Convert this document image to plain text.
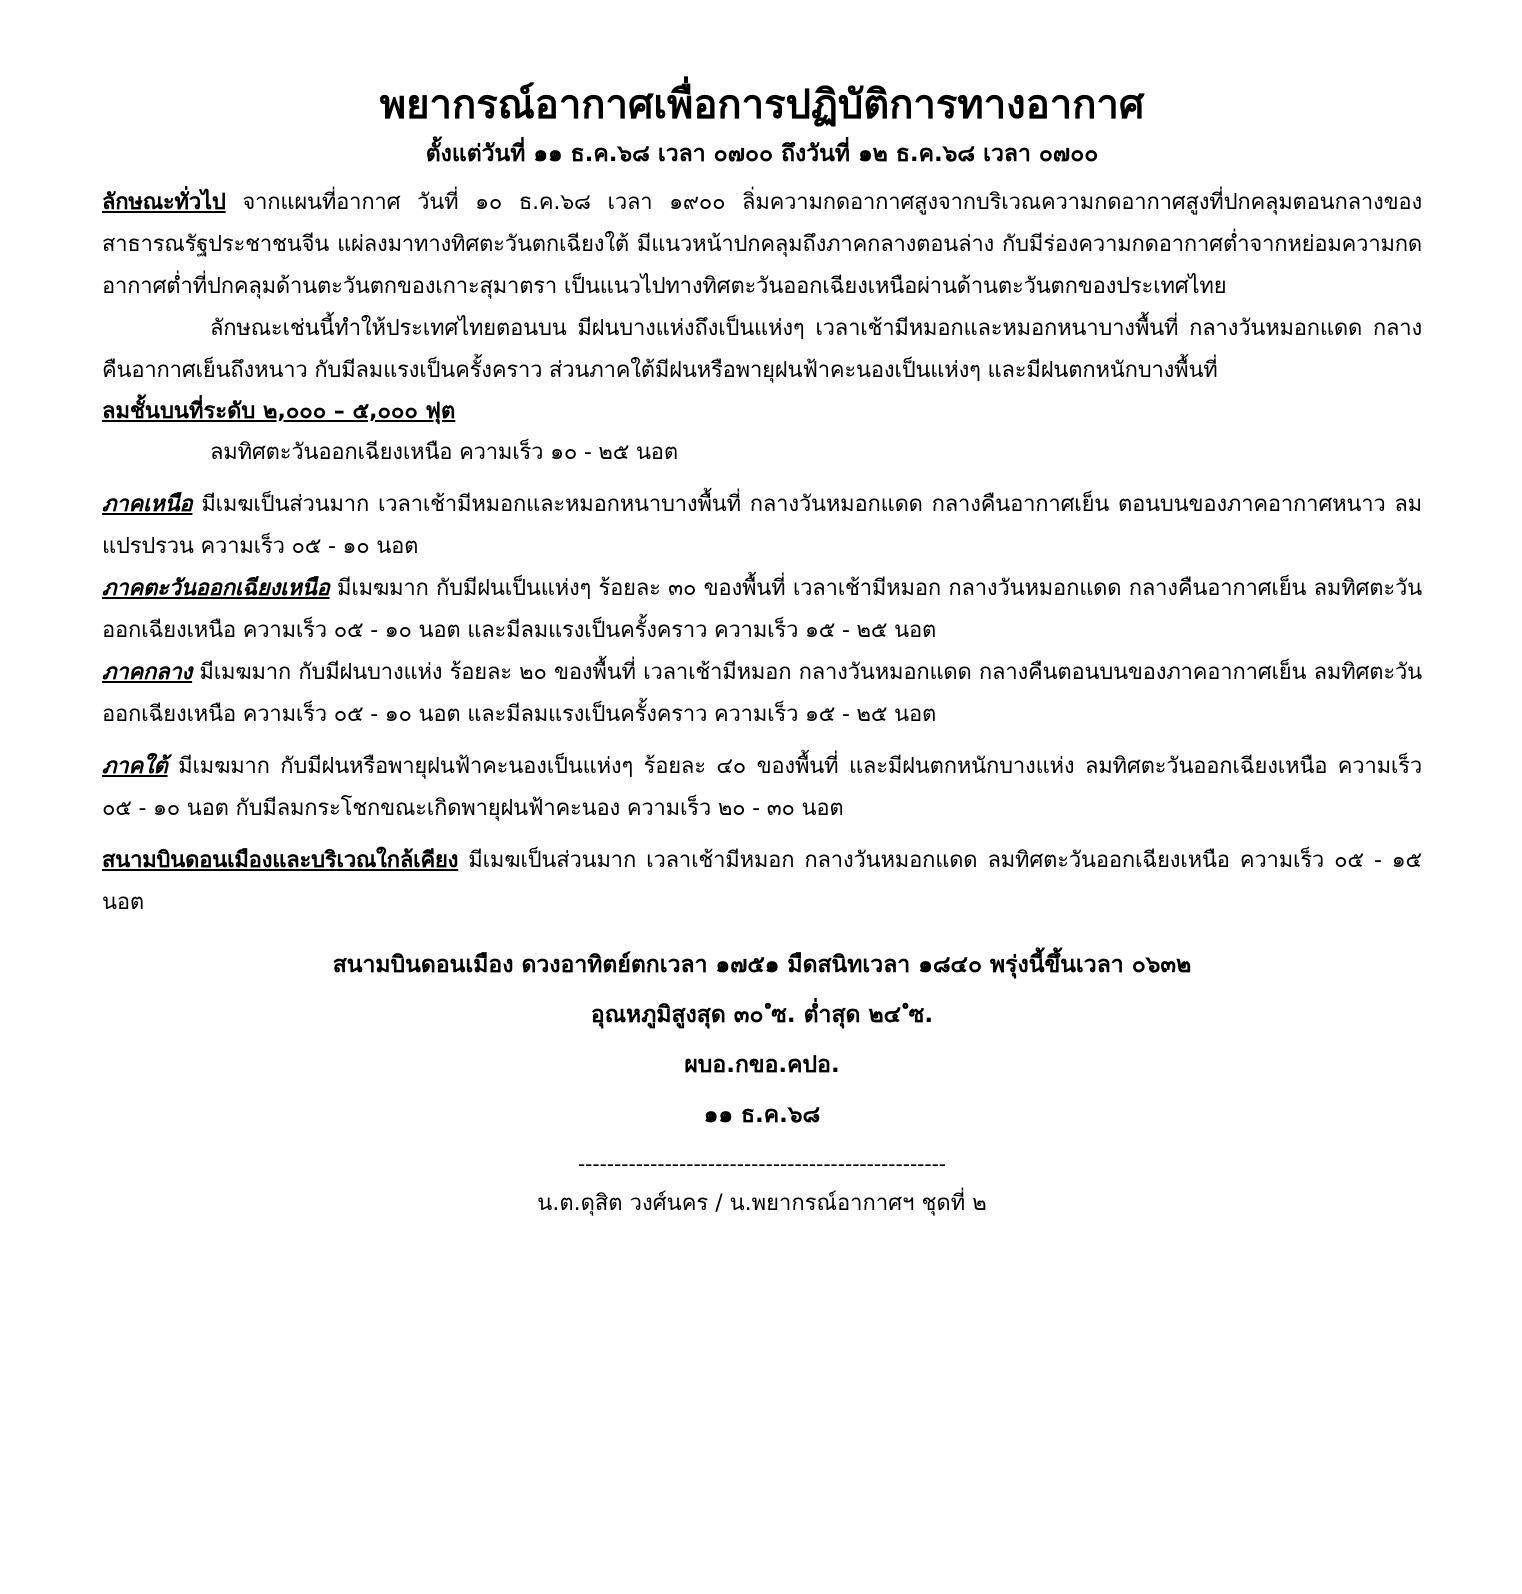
พยากรณ์อากาศเพื่อการปฏิบัติการทางอากาศ
ตั้งแต่วันที่ ๑๑ ธ.ค.๖๘ เวลา ๐๗๐๐ ถึงวันที่ ๑๒ ธ.ค.๖๘ เวลา ๐๗๐๐

ลักษณะทั่วไป จากแผนที่อากาศ วันที่ ๑๐ ธ.ค.๖๘ เวลา ๑๙๐๐ ลิ่มความกดอากาศสูงจากบริเวณความกดอากาศสูงที่ปกคลุมตอนกลางของสาธารณรัฐประชาชนจีน แผ่ลงมาทางทิศตะวันตกเฉียงใต้ มีแนวหน้าปกคลุมถึงภาคกลางตอนล่าง กับมีร่องความกดอากาศต่ำจากหย่อมความกดอากาศต่ำที่ปกคลุมด้านตะวันตกของเกาะสุมาตรา เป็นแนวไปทางทิศตะวันออกเฉียงเหนือผ่านด้านตะวันตกของประเทศไทย

ลักษณะเช่นนี้ทำให้ประเทศไทยตอนบน มีฝนบางแห่งถึงเป็นแห่งๆ เวลาเช้ามีหมอกและหมอกหนาบางพื้นที่ กลางวันหมอกแดด กลางคืนอากาศเย็นถึงหนาว กับมีลมแรงเป็นครั้งคราว ส่วนภาคใต้มีฝนหรือพายุฝนฟ้าคะนองเป็นแห่งๆ และมีฝนตกหนักบางพื้นที่

ลมชั้นบนที่ระดับ ๒,๐๐๐ – ๕,๐๐๐ ฟุต

ลมทิศตะวันออกเฉียงเหนือ ความเร็ว ๑๐ - ๒๕ นอต

ภาคเหนือ มีเมฆเป็นส่วนมาก เวลาเช้ามีหมอกและหมอกหนาบางพื้นที่ กลางวันหมอกแดด กลางคืนอากาศเย็น ตอนบนของภาคอากาศหนาว ลมแปรปรวน ความเร็ว ๐๕ - ๑๐ นอต

ภาคตะวันออกเฉียงเหนือ มีเมฆมาก กับมีฝนเป็นแห่งๆ ร้อยละ ๓๐ ของพื้นที่ เวลาเช้ามีหมอก กลางวันหมอกแดด กลางคืนอากาศเย็น ลมทิศตะวันออกเฉียงเหนือ ความเร็ว ๐๕ - ๑๐ นอต และมีลมแรงเป็นครั้งคราว ความเร็ว ๑๕ - ๒๕ นอต

ภาคกลาง มีเมฆมาก กับมีฝนบางแห่ง ร้อยละ ๒๐ ของพื้นที่ เวลาเช้ามีหมอก กลางวันหมอกแดด กลางคืนตอนบนของภาคอากาศเย็น ลมทิศตะวันออกเฉียงเหนือ ความเร็ว ๐๕ - ๑๐ นอต และมีลมแรงเป็นครั้งคราว ความเร็ว ๑๕ - ๒๕ นอต

ภาคใต้ มีเมฆมาก กับมีฝนหรือพายุฝนฟ้าคะนองเป็นแห่งๆ ร้อยละ ๔๐ ของพื้นที่ และมีฝนตกหนักบางแห่ง ลมทิศตะวันออกเฉียงเหนือ ความเร็ว ๐๕ - ๑๐ นอต กับมีลมกระโชกขณะเกิดพายุฝนฟ้าคะนอง ความเร็ว ๒๐ - ๓๐ นอต

สนามบินดอนเมืองและบริเวณใกล้เคียง มีเมฆเป็นส่วนมาก เวลาเช้ามีหมอก กลางวันหมอกแดด ลมทิศตะวันออกเฉียงเหนือ ความเร็ว ๐๕ - ๑๕ นอต

สนามบินดอนเมือง ดวงอาทิตย์ตกเวลา ๑๗๕๑ มืดสนิทเวลา ๑๘๔๐ พรุ่งนี้ขึ้นเวลา ๐๖๓๒

อุณหภูมิสูงสุด ๓๐ ํซ. ต่ำสุด ๒๔ ํซ.

ผบอ.กขอ.คปอ.

๑๑ ธ.ค.๖๘

---------------------------------------------------

น.ต.ดุสิต วงศ์นคร / น.พยากรณ์อากาศฯ ชุดที่ ๒
